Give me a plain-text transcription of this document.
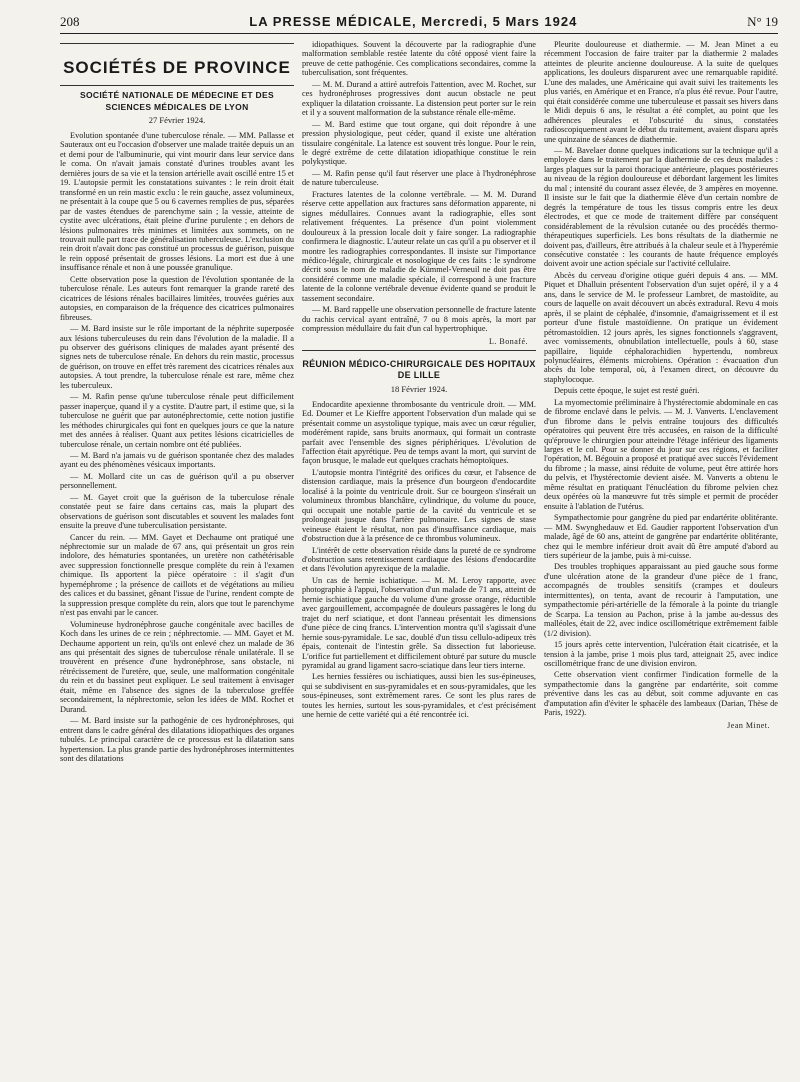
208	LA PRESSE MÉDICALE, Mercredi, 5 Mars 1924	N° 19
SOCIÉTÉS DE PROVINCE
SOCIÉTÉ NATIONALE DE MÉDECINE ET DES SCIENCES MÉDICALES DE LYON
27 Février 1924.

Evolution spontanée d'une tuberculose rénale. — MM. Pallasse et Sauteraux ont eu l'occasion d'observer une malade traitée depuis un an et demi pour de l'albuminurie, qui vint mourir dans leur service dans le coma. On n'avait jamais constaté d'urines troubles avant les dernières jours de sa vie et la tension artérielle avait oscillé entre 15 et 19. L'autopsie permit les constatations suivantes : le rein droit était transformé en un rein mastic exclu : le rein gauche, assez volumineux, ne présentait à la coupe que 5 ou 6 cavernes remplies de pus, séparées par de vastes étendues de parenchyme sain ; la vessie, atteinte de cystite avec ulcérations, était pleine d'urine purulente ; en dehors de lésions pulmonaires très minimes et limitées aux sommets, on ne trouvait nulle part trace de généralisation tuberculeuse. L'exclusion du rein droit n'avait donc pas constitué un processus de guérison, puisque le rein opposé présentait de grosses lésions. La mort est due à une insuffisance rénale et non à une poussée granulique.

Cette observation pose la question de l'évolution spontanée de la tuberculose rénale. Les auteurs font remarquer la grande rareté des cicatrices de lésions rénales bacillaires limitées, trouvées guéries aux autopsies, en comparaison de la fréquence des cicatrices pulmonaires fibreuses.

— M. Bard insiste sur le rôle important de la néphrite superposée aux lésions tuberculeuses du rein dans l'évolution de la maladie. Il a pu observer des guérisons cliniques de malades ayant présenté des signes nets de tuberculose rénale. En dehors du rein mastic, processus de guérison, on trouve en effet très rarement des cicatrices rénales aux autopsies. A tout prendre, la tuberculose rénale est rare, même chez les tuberculeux.

— M. Rafin pense qu'une tuberculose rénale peut difficilement passer inaperçue, quand il y a cystite. D'autre part, il estime que, si la tuberculose ne guérit que par autonéphrectomie, cette notion justifie les méthodes chirurgicales qui font en quelques jours ce que la nature met des années à réaliser. Quant aux petites lésions cicatricielles de tuberculose rénale, un certain nombre ont été publiées.

— M. Bard n'a jamais vu de guérison spontanée chez des malades ayant eu des phénomènes vésicaux importants.

— M. Mollard cite un cas de guérison qu'il a pu observer personnellement.

— M. Gayet croit que la guérison de la tuberculose rénale constatée peut se faire dans certains cas, mais la plupart des observations de guérison sont discutables et souvent les malades font ensuite la preuve d'une tuberculisation persistante.

Cancer du rein. — MM. Gayet et Dechaume ont pratiqué une néphrectomie sur un malade de 67 ans, qui présentait un gros rein indolore, des hématuries spontanées, un uretère non cathétérisable avec suppression fonctionnelle presque complète du rein à l'examen chimique. Ils apportent la pièce opératoire : il s'agit d'un hypernéphrome ; la présence de caillots et de végétations au milieu des calices et du bassinet, gênant l'issue de l'urine, rendent compte de la suppression presque complète du rein, alors que tout le parenchyme n'est pas envahi par le cancer.

Volumineuse hydronéphrose gauche congénitale avec bacilles de Koch dans les urines de ce rein ; néphrectomie. — MM. Gayet et M. Dechaume apportent un rein, qu'ils ont enlevé chez un malade de 36 ans qui présentait des signes de tuberculose rénale unilatérale. Il se trouvèrent en présence d'une hydronéphrose, sans obstacle, ni rétrécissement de l'uretère, que, seule, une malformation congénitale du rein et du bassinet peut expliquer. Le seul traitement à envisager était, même en l'absence des signes de la tuberculose greffée secondairement, la néphrectomie, selon les idées de MM. Rochet et Durand.

— M. Bard insiste sur la pathogénie de ces hydronéphroses, qui entrent dans le cadre général des dilatations idiopathiques des organes tubulés. Le principal caractère de ce processus est la dilatation sans hypertension. La plus grande partie des hydronéphroses intermittentes sont des dilatations

idiopathiques. Souvent la découverte par la radiographie d'une malformation semblable restée latente du côté opposé vient faire la preuve de cette pathogénie. Ces complications secondaires, comme la tuberculisation, sont fréquentes.

— M. M. Durand a attiré autrefois l'attention, avec M. Rochet, sur ces hydronéphroses progressives dont aucun obstacle ne peut expliquer la dilatation croissante. La distension peut porter sur le rein et il y a souvent malformation de la substance rénale elle-même.

— M. Bard estime que tout organe, qui doit répondre à une pression physiologique, peut céder, quand il existe une altération tissulaire congénitale. La latence est souvent très longue. Pour le rein, le degré extrême de cette dilatation idiopathique constitue le rein polykystique.

— M. Rafin pense qu'il faut réserver une place à l'hydronéphrose de nature tuberculeuse.

Fractures latentes de la colonne vertébrale. — M. M. Durand réserve cette appellation aux fractures sans déformation apparente, ni signes médullaires. Connues avant la radiographie, elles sont relativement fréquentes. La présence d'un point violemment douloureux à la pression locale doit y faire songer. La radiographie confirmera le diagnostic. L'auteur relate un cas qu'il a pu observer et il montre les radiographies correspondantes. Il insiste sur l'importance médico-légale, chirurgicale et nosologique de ces faits : le syndrome décrit sous le nom de maladie de Kümmel-Verneuil ne doit pas être considéré comme une maladie spéciale, il correspond à une fracture latente de la colonne vertébrale devenue évidente quand se produit le tassement secondaire.

— M. Bard rappelle une observation personnelle de fracture latente du rachis cervical ayant entraîné, 7 ou 8 mois après, la mort par compression médullaire du fait d'un cal hypertrophique.

L. Bonafé.
RÉUNION MÉDICO-CHIRURGICALE DES HOPITAUX DE LILLE
18 Février 1924.

Endocardite apexienne thrombosante du ventricule droit. — MM. Ed. Doumer et Le Kieffre apportent l'observation d'un malade qui se présentait comme un asystolique typique, mais avec un cœur régulier, modérément rapide, sans bruits anormaux, qui formait un contraste parfait avec l'ensemble des signes périphériques. L'évolution de l'affection était apyrétique. Peu de temps avant la mort, qui survint de façon brusque, le malade eut quelques crachats hémoptoïques.

L'autopsie montra l'intégrité des orifices du cœur, et l'absence de distension cardiaque, mais la présence d'un bourgeon d'endocardite localisé à la pointe du ventricule droit. Sur ce bourgeon s'insérait un volumineux thrombus blanchâtre, cylindrique, du volume du pouce, qui occupait une notable partie de la cavité du ventricule et se prolongeait jusque dans l'artère pulmonaire. Les signes de stase veineuse étaient le résultat, non pas d'insuffisance cardiaque, mais d'obstruction due à la présence de ce thrombus volumineux.

L'intérêt de cette observation réside dans la pureté de ce syndrome d'obstruction sans retentissement cardiaque des lésions d'endocardite et dans l'évolution apyrexique de la maladie.

Un cas de hernie ischiatique. — M. M. Leroy rapporte, avec photographie à l'appui, l'observation d'un malade de 71 ans, atteint de hernie ischiatique gauche du volume d'une grosse orange, réductible avec gargouillement, accompagnée de douleurs passagères le long du trajet du nerf sciatique, et dont l'anneau présentait les dimensions d'une pièce de cinq francs. L'intervention montra qu'il s'agissait d'une hernie sous-pyramidale. Le sac, doublé d'un tissu cellulo-adipeux très épais, contenait de l'intestin grêle. Sa dissection fut laborieuse. L'orifice fut partiellement et difficilement obturé par suture du muscle pyramidal au grand ligament sacro-sciatique dans leur tiers interne.

Les hernies fessières ou ischiatiques, aussi bien les sus-épineuses, qui se subdivisent en sus-pyramidales et en sous-pyramidales, que les sous-épineuses, sont extrêmement rares. Ce sont les plus rares de toutes les hernies, surtout les sous-pyramidales, et c'est précisément une hernie de cette variété qui a été rencontrée ici.

Pleurite douloureuse et diathermie. — M. Jean Minet a eu récemment l'occasion de faire traiter par la diathermie 2 malades atteintes de pleurite ancienne douloureuse. A la suite de quelques applications, les douleurs disparurent avec une remarquable rapidité. L'une des malades, une Américaine qui avait suivi les traitements les plus variés, en Amérique et en France, n'a plus été revue. Pour l'autre, qui était considérée comme une tuberculeuse et passait ses hivers dans le Midi depuis 6 ans, le résultat a été complet, au point que les adhérences pleurales et l'obscurité du sinus, constatées radioscopiquement avant le début du traitement, avaient disparu après une quinzaine de séances de diathermie.

— M. Bavelaer donne quelques indications sur la technique qu'il a employée dans le traitement par la diathermie de ces deux malades : larges plaques sur la paroi thoracique antérieure, plaques postérieures au niveau de la région douloureuse et débordant largement les limites du mal ; intensité du courant assez élevée, de 3 ampères en moyenne. Il insiste sur le fait que la diathermie élève d'un certain nombre de degrés la température de tous les tissus compris entre les deux électrodes, et que ce mode de traitement diffère par conséquent considérablement de la révulsion cutanée ou des procédés thermo-thérapeutiques superficiels. Les bons résultats de la diathermie ne doivent pas, d'ailleurs, être attribués à la chaleur seule et à l'hyperémie consécutive constatée : les courants de haute fréquence employés doivent avoir une action spéciale sur l'activité cellulaire.

Abcès du cerveau d'origine otique guéri depuis 4 ans. — MM. Piquet et Dhalluin présentent l'observation d'un sujet opéré, il y a 4 ans, dans le service de M. le professeur Lambret, de mastoïdite, au cours de laquelle on avait découvert un abcès extradural. Revu 4 mois après, il se plaint de céphalée, d'insomnie, d'amaigrissement et il est porteur d'une fistule mastoïdienne. On pratique un évidement pétromastoïdien. 12 jours après, les signes fonctionnels s'aggravent, avec vomissements, obnubilation intellectuelle, pouls à 60, stase papillaire, liquide céphalorachidien hypertendu, nombreux polynucléaires, éléments microbiens. Opération : évacuation d'un abcès du lobe temporal, où, à l'examen direct, on découvre du staphylocoque.

Depuis cette époque, le sujet est resté guéri.

La myomectomie préliminaire à l'hystérectomie abdominale en cas de fibrome enclavé dans le pelvis. — M. J. Vanverts. L'enclavement d'un fibrome dans le pelvis entraîne toujours des difficultés opératoires qui peuvent être très accusées, en raison de la difficulté qu'éprouve le chirurgien pour atteindre l'étage inférieur des ligaments larges et le col. Pour se donner du jour sur ces régions, et faciliter l'opération, M. Bégouin a proposé et pratiqué avec succès l'évidement du fibrome ; la masse, ainsi réduite de volume, peut être attirée hors du pelvis, et l'hystérectomie devient aisée. M. Vanverts a obtenu le même résultat en pratiquant l'énucléation du fibrome pelvien chez deux opérées où la manœuvre fut très simple et permit de procéder ensuite à l'ablation de l'utérus.

Sympathectomie pour gangrène du pied par endartérite oblitérante. — MM. Swynghedauw et Ed. Gaudier rapportent l'observation d'un malade, âgé de 60 ans, atteint de gangrène par endartérite oblitérante, chez qui le membre inférieur droit avait dû être amputé d'abord au tiers supérieur de la jambe, puis à mi-cuisse.

Des troubles trophiques apparaissant au pied gauche sous forme d'une ulcération atone de la grandeur d'une pièce de 1 franc, accompagnés de troubles sensitifs (crampes et douleurs intermittentes), on tenta, avant de recourir à l'amputation, une sympathectomie péri-artérielle de la fémorale à la pointe du triangle de Scarpa. La tension au Pachon, prise à la jambe au-dessus des malléoles, était de 22, avec indice oscillométrique extrêmement faible (1/2 division).

15 jours après cette intervention, l'ulcération était cicatrisée, et la tension à la jambe, prise 1 mois plus tard, atteignait 25, avec indice oscillométrique franc de une division environ.

Cette observation vient confirmer l'indication formelle de la sympathectomie dans la gangrène par endartérite, soit comme préventive dans les cas au début, soit comme adjuvante en cas d'amputation afin d'éviter le sphacèle des lambeaux (Darian, Thèse de Paris, 1922).

Jean Minet.
